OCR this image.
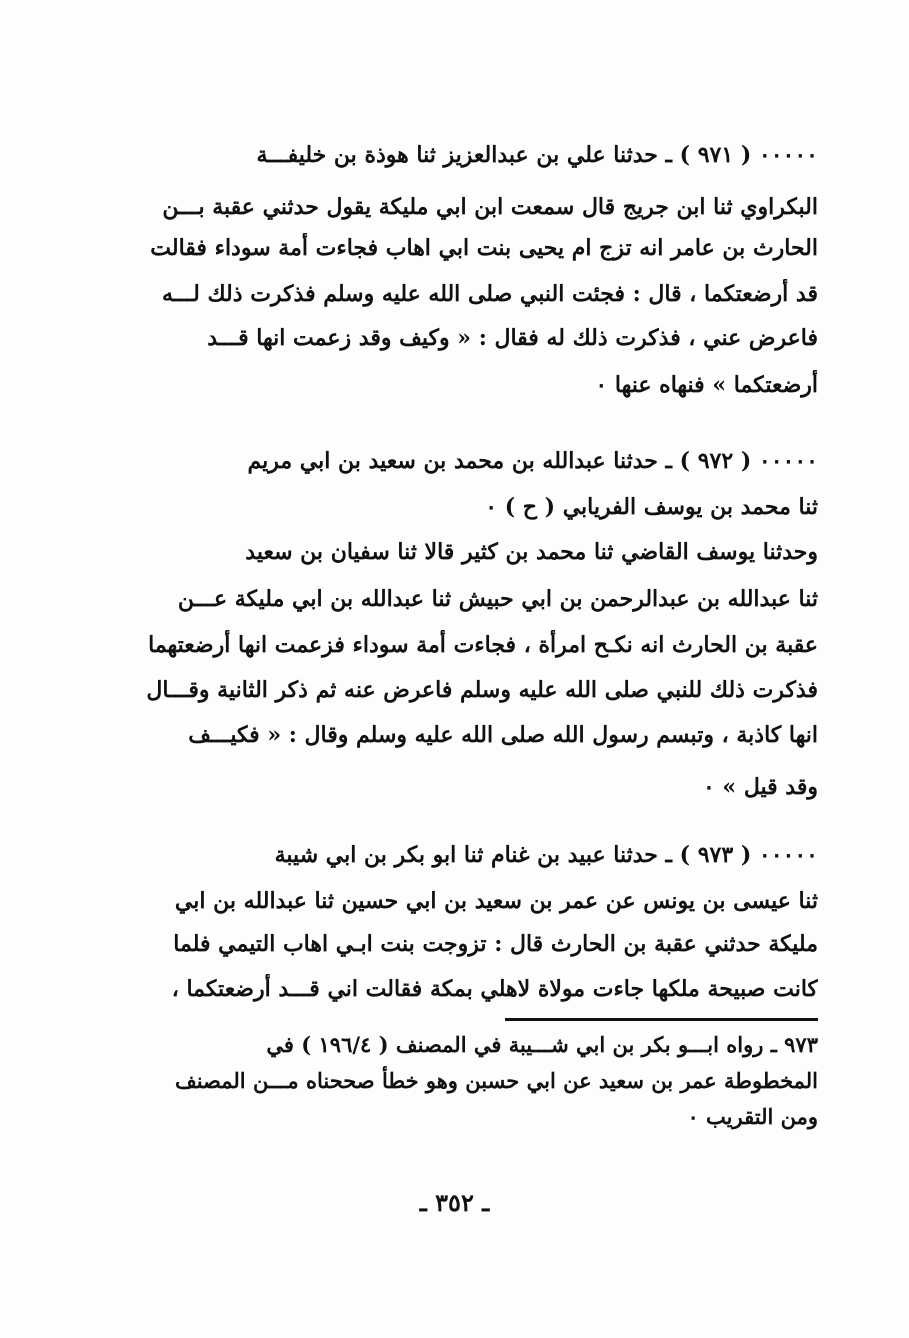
٠٠٠٠٠ ( ٩٧١ ) ـ حدثنا علي بن عبدالعزيز ثنا هوذة بن خليفـــة
البكراوي ثنا ابن جريج قال سمعت ابن ابي مليكة يقول حدثني عقبة بـــن
الحارث بن عامر انه تزج ام يحيى بنت ابي اهاب فجاءت أمة سوداء فقالت
قد أرضعتكما ، قال : فجئت النبي صلى الله عليه وسلم فذكرت ذلك لـــه
فاعرض عني ، فذكرت ذلك له فقال : « وكيف وقد زعمت انها قـــد
أرضعتكما » فنهاه عنها ٠
٠٠٠٠٠ ( ٩٧٢ ) ـ حدثنا عبدالله بن محمد بن سعيد بن ابي مريم
ثنا محمد بن يوسف الفريابي ( ح ) ٠
وحدثنا يوسف القاضي ثنا محمد بن كثير قالا ثنا سفيان بن سعيد
ثنا عبدالله بن عبدالرحمن بن ابي حبيش ثنا عبدالله بن ابي مليكة عـــن
عقبة بن الحارث انه نكـح امرأة ، فجاءت أمة سوداء فزعمت انها أرضعتهما
فذكرت ذلك للنبي صلى الله عليه وسلم فاعرض عنه ثم ذكر الثانية وقـــال
انها كاذبة ، وتبسم رسول الله صلى الله عليه وسلم وقال : « فكيـــف
وقد قيل » ٠
٠٠٠٠٠ ( ٩٧٣ ) ـ حدثنا عبيد بن غنام ثنا ابو بكر بن ابي شيبة
ثنا عيسى بن يونس عن عمر بن سعيد بن ابي حسين ثنا عبدالله بن ابي
مليكة حدثني عقبة بن الحارث قال : تزوجت بنت ابـي اهاب التيمي فلما
كانت صبيحة ملكها جاءت مولاة لاهلي بمكة فقالت اني قـــد أرضعتكما ،
٩٧٣ ـ رواه ابـــو بكر بن ابي شـــيبة في المصنف ( ١٩٦/٤ ) في
المخطوطة عمر بن سعيد عن ابي حسبن وهو خطأ صححناه مـــن المصنف
ومن التقريب ٠
ـ ٣٥٢ ـ
